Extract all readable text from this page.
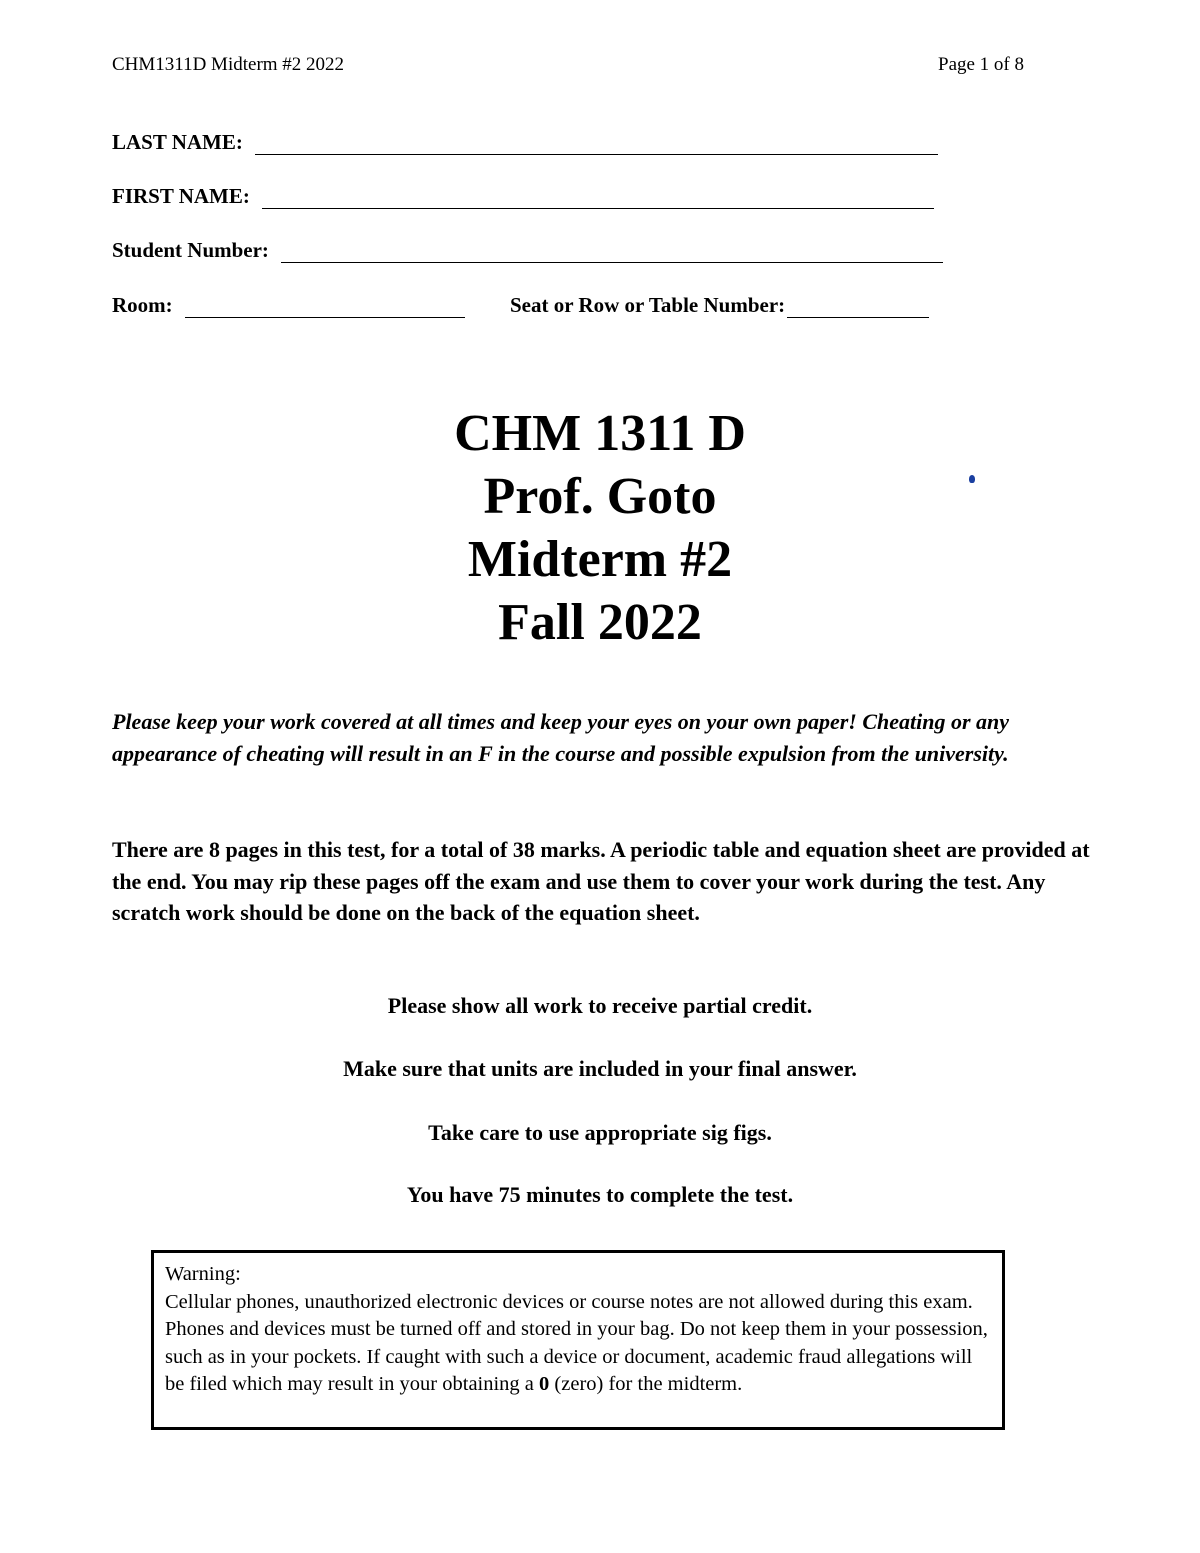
CHM1311D Midterm #2 2022	Page 1 of 8
LAST NAME:
FIRST NAME:
Student Number:
Room:	Seat or Row or Table Number:
CHM 1311 D
Prof. Goto
Midterm #2
Fall 2022
Please keep your work covered at all times and keep your eyes on your own paper! Cheating or any appearance of cheating will result in an F in the course and possible expulsion from the university.
There are 8 pages in this test, for a total of 38 marks. A periodic table and equation sheet are provided at the end. You may rip these pages off the exam and use them to cover your work during the test. Any scratch work should be done on the back of the equation sheet.
Please show all work to receive partial credit.
Make sure that units are included in your final answer.
Take care to use appropriate sig figs.
You have 75 minutes to complete the test.
Warning:
Cellular phones, unauthorized electronic devices or course notes are not allowed during this exam. Phones and devices must be turned off and stored in your bag. Do not keep them in your possession, such as in your pockets. If caught with such a device or document, academic fraud allegations will be filed which may result in your obtaining a 0 (zero) for the midterm.
